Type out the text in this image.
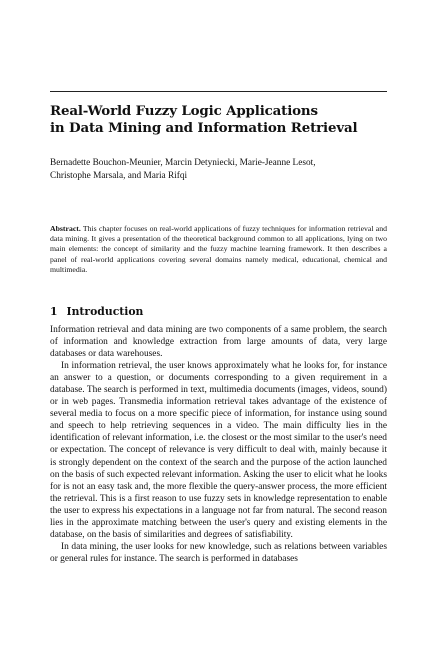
Real-World Fuzzy Logic Applications
in Data Mining and Information Retrieval
Bernadette Bouchon-Meunier, Marcin Detyniecki, Marie-Jeanne Lesot,
Christophe Marsala, and Maria Rifqi

Abstract. This chapter focuses on real-world applications of fuzzy techniques for information retrieval and data mining. It gives a presentation of the theoretical background common to all applications, lying on two main elements: the concept of similarity and the fuzzy machine learning framework. It then describes a panel of real-world applications covering several domains namely medical, educational, chemical and multimedia.

1 Introduction

Information retrieval and data mining are two components of a same problem, the search of information and knowledge extraction from large amounts of data, very large databases or data warehouses.

In information retrieval, the user knows approximately what he looks for, for instance an answer to a question, or documents corresponding to a given requirement in a database. The search is performed in text, multimedia documents (images, videos, sound) or in web pages. Transmedia information retrieval takes advantage of the existence of several media to focus on a more specific piece of information, for instance using sound and speech to help retrieving sequences in a video. The main difficulty lies in the identification of relevant information, i.e. the closest or the most similar to the user's need or expectation. The concept of relevance is very difficult to deal with, mainly because it is strongly dependent on the context of the search and the purpose of the action launched on the basis of such expected relevant information. Asking the user to elicit what he looks for is not an easy task and, the more flexible the query-answer process, the more efficient the retrieval. This is a first reason to use fuzzy sets in knowledge representation to enable the user to express his expectations in a language not far from natural. The second reason lies in the approximate matching between the user's query and existing elements in the database, on the basis of similarities and degrees of satisfiability.

In data mining, the user looks for new knowledge, such as relations between variables or general rules for instance. The search is performed in databases
